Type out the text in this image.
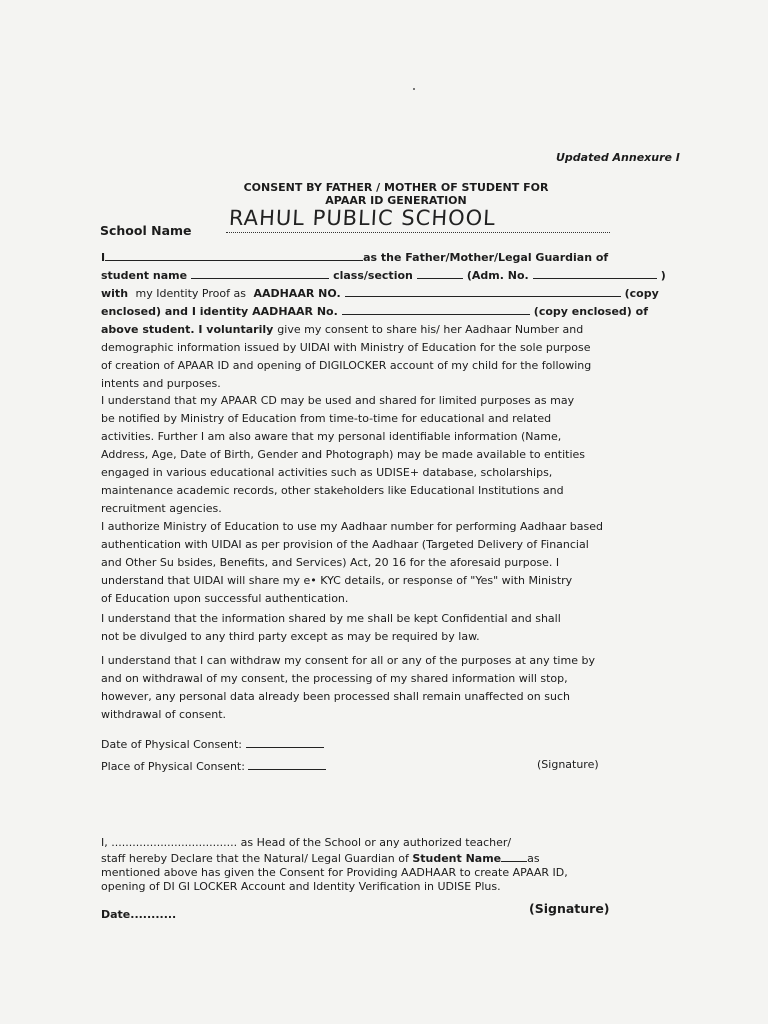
Updated Annexure I
CONSENT BY FATHER / MOTHER OF STUDENT FOR
APAAR ID GENERATION
School Name
RAHUL PUBLIC SCHOOL
I	as the Father/Mother/Legal Guardian of
student name	class/section	(Adm. No.	)
with my Identity Proof as AADHAAR NO.	(copy
enclosed) and I identity AADHAAR No.	(copy enclosed) of
above student. I voluntarily give my consent to share his/ her Aadhaar Number and
demographic information issued by UIDAI with Ministry of Education for the sole purpose
of creation of APAAR ID and opening of DIGILOCKER account of my child for the following
intents and purposes.
I understand that my APAAR CD may be used and shared for limited purposes as may
be notified by Ministry of Education from time-to-time for educational and related
activities. Further I am also aware that my personal identifiable information (Name,
Address, Age, Date of Birth, Gender and Photograph) may be made available to entities
engaged in various educational activities such as UDISE+ database, scholarships,
maintenance academic records, other stakeholders like Educational Institutions and
recruitment agencies.
I authorize Ministry of Education to use my Aadhaar number for performing Aadhaar based
authentication with UIDAI as per provision of the Aadhaar (Targeted Delivery of Financial
and Other Su bsides, Benefits, and Services) Act, 20 16 for the aforesaid purpose. I
understand that UIDAI will share my e• KYC details, or response of "Yes" with Ministry
of Education upon successful authentication.
I understand that the information shared by me shall be kept Confidential and shall
not be divulged to any third party except as may be required by law.
I understand that I can withdraw my consent for all or any of the purposes at any time by
and on withdrawal of my consent, the processing of my shared information will stop,
however, any personal data already been processed shall remain unaffected on such
withdrawal of consent.
Date of Physical Consent:
Place of Physical Consent:	(Signature)
I, .................................... as Head of the School or any authorized teacher/
staff hereby Declare that the Natural/ Legal Guardian of Student Name as
mentioned above has given the Consent for Providing AADHAAR to create APAAR ID,
opening of DI GI LOCKER Account and Identity Verification in UDISE Plus.
Date...........	(Signature)
